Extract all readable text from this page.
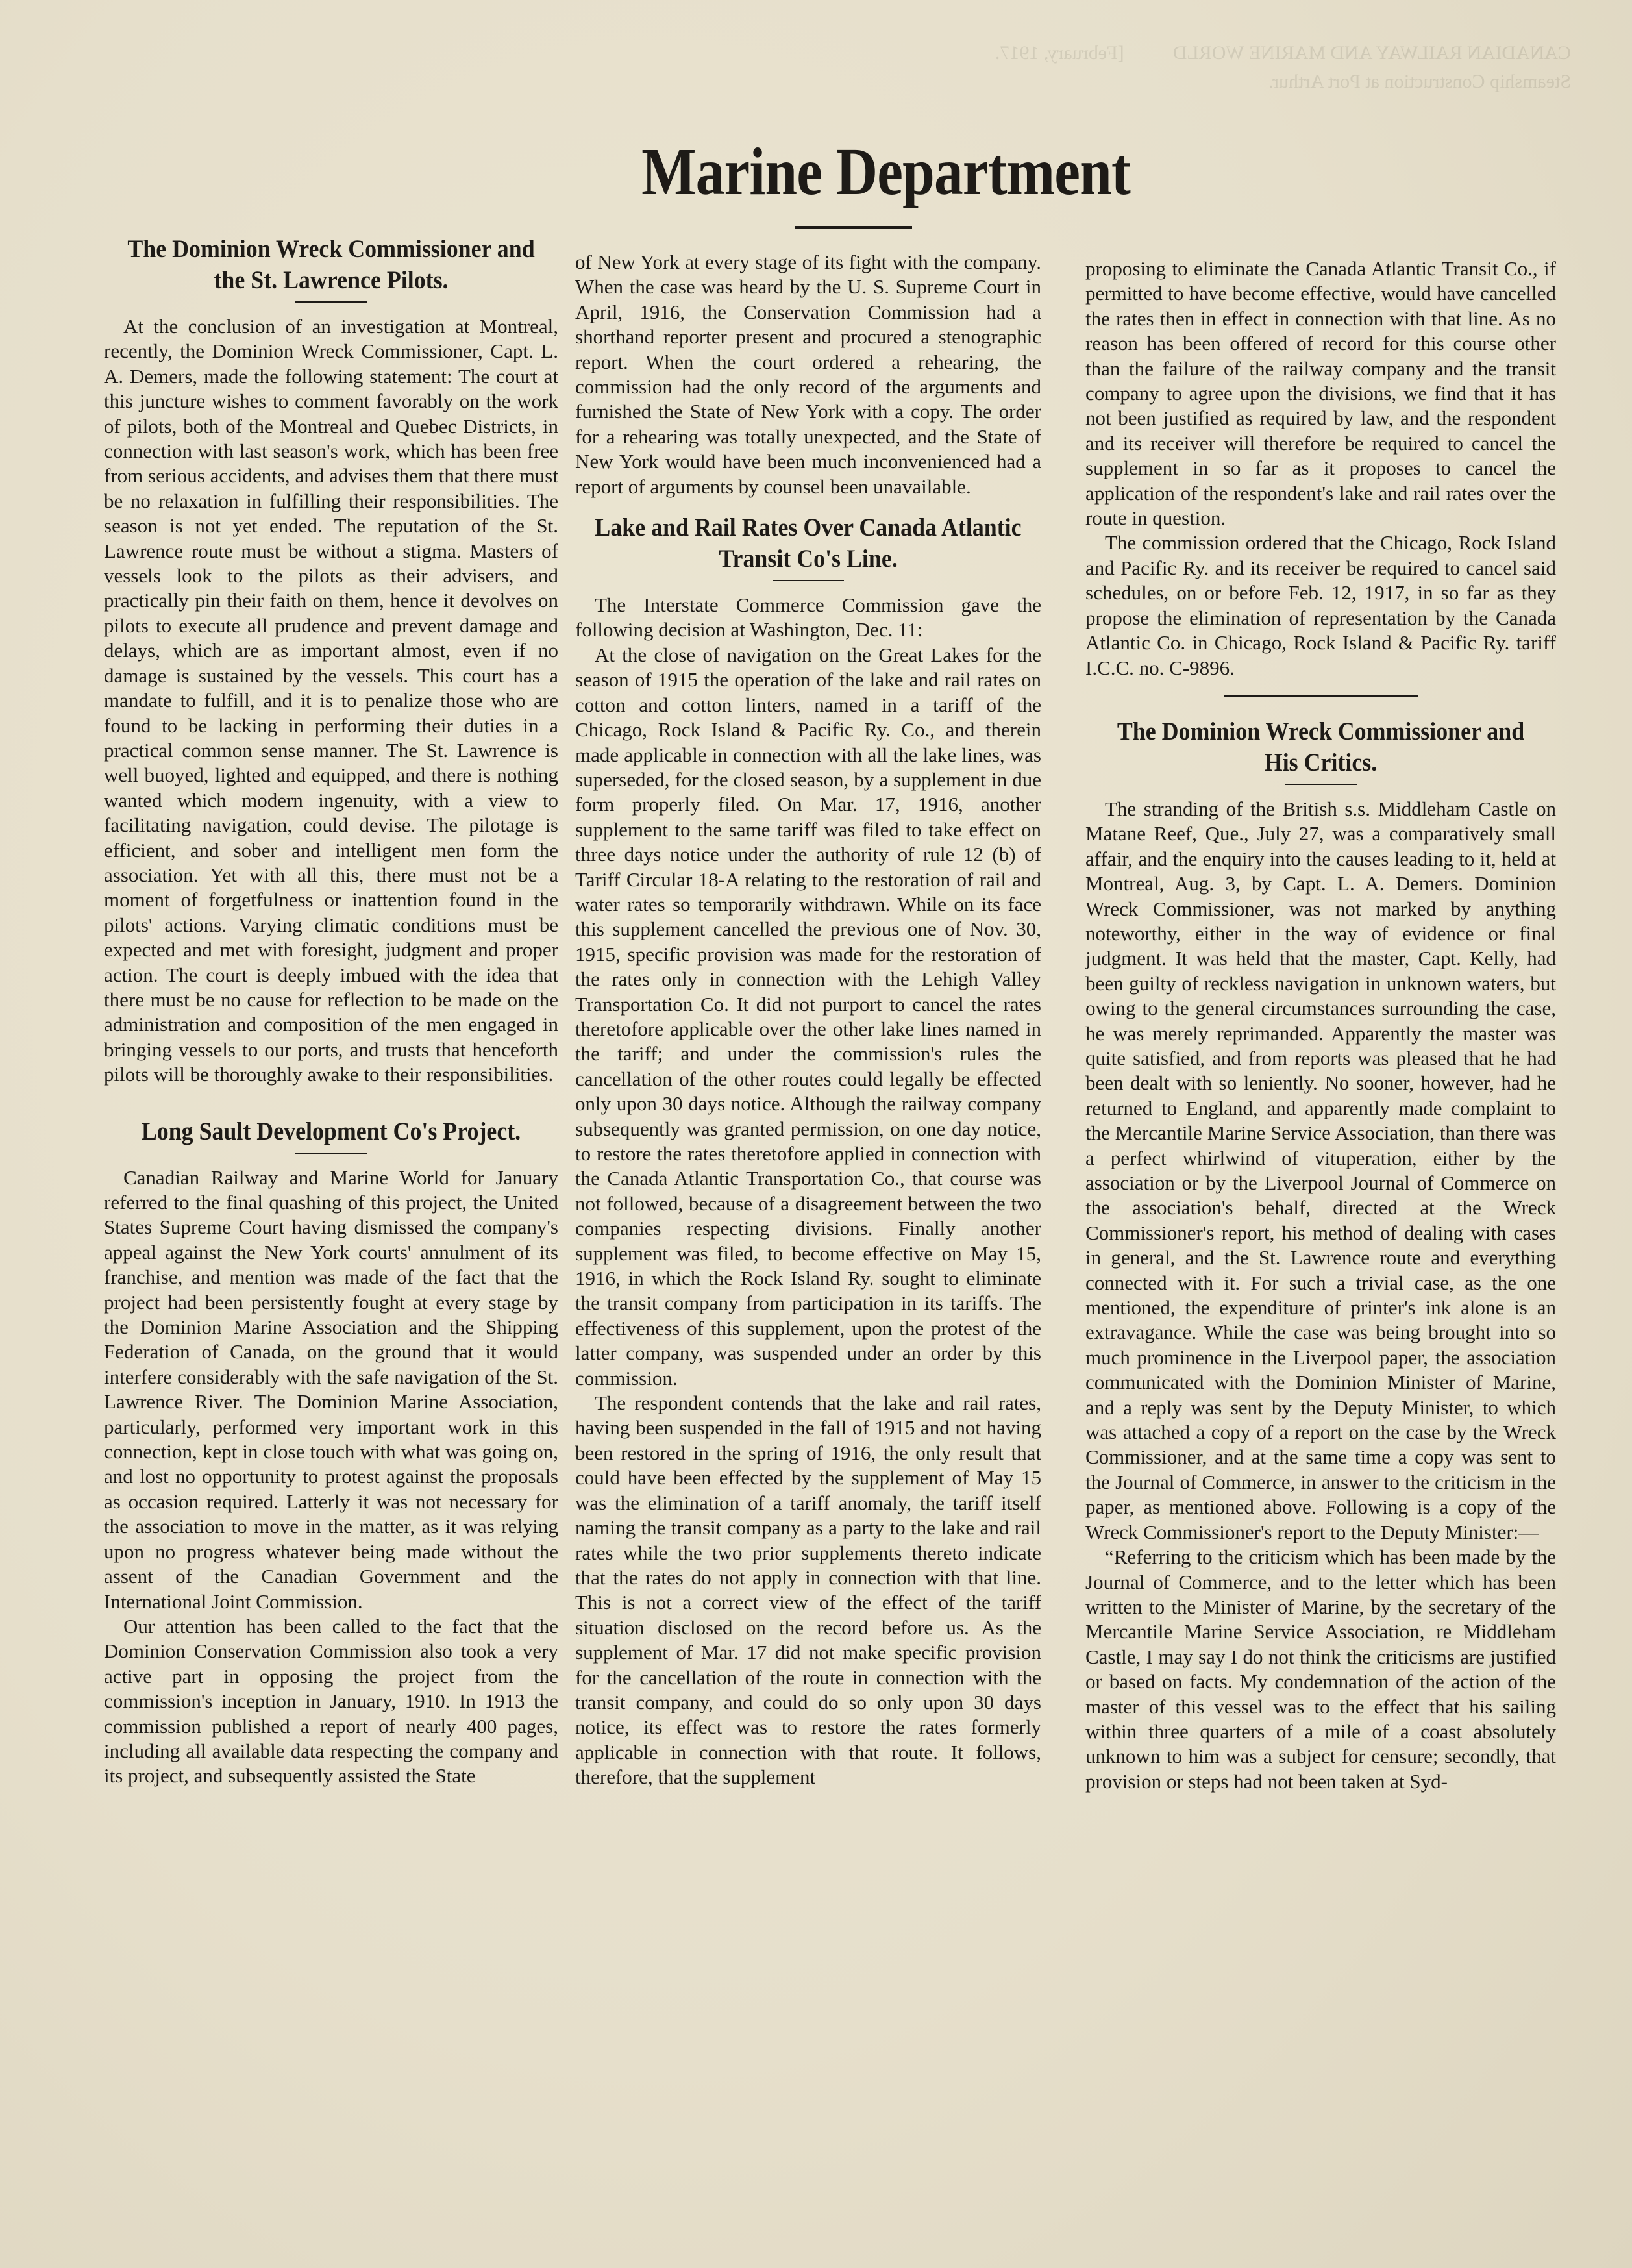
CANADIAN RAILWAY AND MARINE WORLD          [February, 1917.
Steamship Construction at Port Arthur.
Marine Department
The Dominion Wreck Commissioner and the St. Lawrence Pilots.

At the conclusion of an investigation at Montreal, recently, the Dominion Wreck Commissioner, Capt. L. A. Demers, made the following statement: The court at this juncture wishes to comment favorably on the work of pilots, both of the Montreal and Quebec Districts, in connection with last season's work, which has been free from serious accidents, and advises them that there must be no relaxation in fulfilling their responsibilities. The season is not yet ended. The reputation of the St. Lawrence route must be without a stigma. Masters of vessels look to the pilots as their advisers, and practically pin their faith on them, hence it devolves on pilots to execute all prudence and prevent damage and delays, which are as important almost, even if no damage is sustained by the vessels. This court has a mandate to fulfill, and it is to penalize those who are found to be lacking in performing their duties in a practical common sense manner. The St. Lawrence is well buoyed, lighted and equipped, and there is nothing wanted which modern ingenuity, with a view to facilitating navigation, could devise. The pilotage is efficient, and sober and intelligent men form the association. Yet with all this, there must not be a moment of forgetfulness or inattention found in the pilots' actions. Varying climatic conditions must be expected and met with foresight, judgment and proper action. The court is deeply imbued with the idea that there must be no cause for reflection to be made on the administration and composition of the men engaged in bringing vessels to our ports, and trusts that henceforth pilots will be thoroughly awake to their responsibilities.

Long Sault Development Co's Project.

Canadian Railway and Marine World for January referred to the final quashing of this project, the United States Supreme Court having dismissed the company's appeal against the New York courts' annulment of its franchise, and mention was made of the fact that the project had been persistently fought at every stage by the Dominion Marine Association and the Shipping Federation of Canada, on the ground that it would interfere considerably with the safe navigation of the St. Lawrence River. The Dominion Marine Association, particularly, performed very important work in this connection, kept in close touch with what was going on, and lost no opportunity to protest against the proposals as occasion required. Latterly it was not necessary for the association to move in the matter, as it was relying upon no progress whatever being made without the assent of the Canadian Government and the International Joint Commission.

Our attention has been called to the fact that the Dominion Conservation Commission also took a very active part in opposing the project from the commission's inception in January, 1910. In 1913 the commission published a report of nearly 400 pages, including all available data respecting the company and its project, and subsequently assisted the State

of New York at every stage of its fight with the company. When the case was heard by the U. S. Supreme Court in April, 1916, the Conservation Commission had a shorthand reporter present and procured a stenographic report. When the court ordered a rehearing, the commission had the only record of the arguments and furnished the State of New York with a copy. The order for a rehearing was totally unexpected, and the State of New York would have been much inconvenienced had a report of arguments by counsel been unavailable.

Lake and Rail Rates Over Canada Atlantic Transit Co's Line.

The Interstate Commerce Commission gave the following decision at Washington, Dec. 11:

At the close of navigation on the Great Lakes for the season of 1915 the operation of the lake and rail rates on cotton and cotton linters, named in a tariff of the Chicago, Rock Island & Pacific Ry. Co., and therein made applicable in connection with all the lake lines, was superseded, for the closed season, by a supplement in due form properly filed. On Mar. 17, 1916, another supplement to the same tariff was filed to take effect on three days notice under the authority of rule 12 (b) of Tariff Circular 18-A relating to the restoration of rail and water rates so temporarily withdrawn. While on its face this supplement cancelled the previous one of Nov. 30, 1915, specific provision was made for the restoration of the rates only in connection with the Lehigh Valley Transportation Co. It did not purport to cancel the rates theretofore applicable over the other lake lines named in the tariff; and under the commission's rules the cancellation of the other routes could legally be effected only upon 30 days notice. Although the railway company subsequently was granted permission, on one day notice, to restore the rates theretofore applied in connection with the Canada Atlantic Transportation Co., that course was not followed, because of a disagreement between the two companies respecting divisions. Finally another supplement was filed, to become effective on May 15, 1916, in which the Rock Island Ry. sought to eliminate the transit company from participation in its tariffs. The effectiveness of this supplement, upon the protest of the latter company, was suspended under an order by this commission.

The respondent contends that the lake and rail rates, having been suspended in the fall of 1915 and not having been restored in the spring of 1916, the only result that could have been effected by the supplement of May 15 was the elimination of a tariff anomaly, the tariff itself naming the transit company as a party to the lake and rail rates while the two prior supplements thereto indicate that the rates do not apply in connection with that line. This is not a correct view of the effect of the tariff situation disclosed on the record before us. As the supplement of Mar. 17 did not make specific provision for the cancellation of the route in connection with the transit company, and could do so only upon 30 days notice, its effect was to restore the rates formerly applicable in connection with that route. It follows, therefore, that the supplement

proposing to eliminate the Canada Atlantic Transit Co., if permitted to have become effective, would have cancelled the rates then in effect in connection with that line. As no reason has been offered of record for this course other than the failure of the railway company and the transit company to agree upon the divisions, we find that it has not been justified as required by law, and the respondent and its receiver will therefore be required to cancel the supplement in so far as it proposes to cancel the application of the respondent's lake and rail rates over the route in question.

The commission ordered that the Chicago, Rock Island and Pacific Ry. and its receiver be required to cancel said schedules, on or before Feb. 12, 1917, in so far as they propose the elimination of representation by the Canada Atlantic Co. in Chicago, Rock Island & Pacific Ry. tariff I.C.C. no. C-9896.

The Dominion Wreck Commissioner and His Critics.

The stranding of the British s.s. Middleham Castle on Matane Reef, Que., July 27, was a comparatively small affair, and the enquiry into the causes leading to it, held at Montreal, Aug. 3, by Capt. L. A. Demers. Dominion Wreck Commissioner, was not marked by anything noteworthy, either in the way of evidence or final judgment. It was held that the master, Capt. Kelly, had been guilty of reckless navigation in unknown waters, but owing to the general circumstances surrounding the case, he was merely reprimanded. Apparently the master was quite satisfied, and from reports was pleased that he had been dealt with so leniently. No sooner, however, had he returned to England, and apparently made complaint to the Mercantile Marine Service Association, than there was a perfect whirlwind of vituperation, either by the association or by the Liverpool Journal of Commerce on the association's behalf, directed at the Wreck Commissioner's report, his method of dealing with cases in general, and the St. Lawrence route and everything connected with it. For such a trivial case, as the one mentioned, the expenditure of printer's ink alone is an extravagance. While the case was being brought into so much prominence in the Liverpool paper, the association communicated with the Dominion Minister of Marine, and a reply was sent by the Deputy Minister, to which was attached a copy of a report on the case by the Wreck Commissioner, and at the same time a copy was sent to the Journal of Commerce, in answer to the criticism in the paper, as mentioned above. Following is a copy of the Wreck Commissioner's report to the Deputy Minister:—

“Referring to the criticism which has been made by the Journal of Commerce, and to the letter which has been written to the Minister of Marine, by the secretary of the Mercantile Marine Service Association, re Middleham Castle, I may say I do not think the criticisms are justified or based on facts. My condemnation of the action of the master of this vessel was to the effect that his sailing within three quarters of a mile of a coast absolutely unknown to him was a subject for censure; secondly, that provision or steps had not been taken at Syd-
